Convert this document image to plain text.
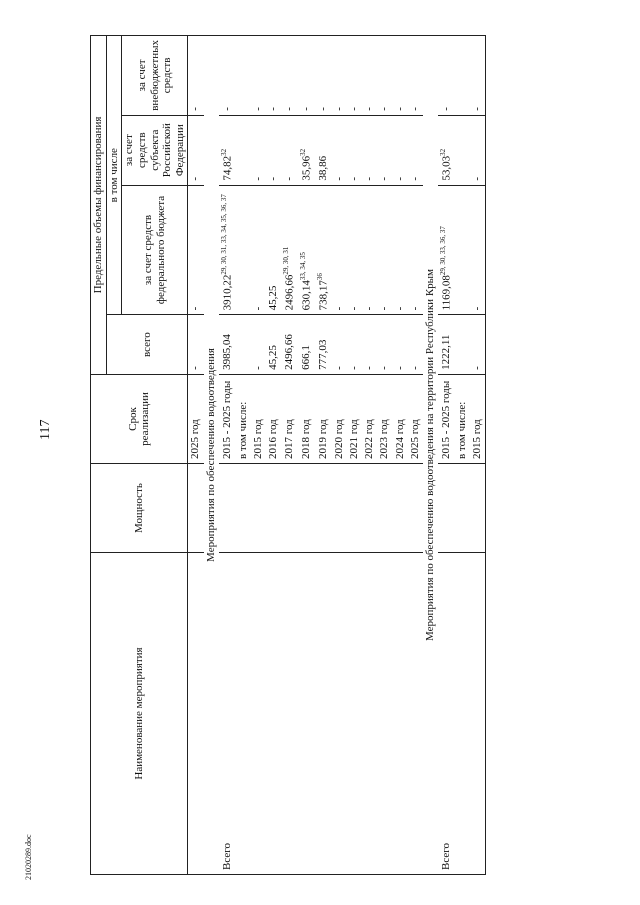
117
21020289.doc
Наименование мероприятия	Мощность	Срок реализации	Предельные объемы финансирования			
			всего	в том числе		
				за счет средств федерального бюджета	за счет средств субъекта Российской Федерации	за счет внебюджетных средств
		2025 год	-	-	-	-
Мероприятия по обеспечению водоотведения						
Всего		2015 - 2025 годы	3985,04	3910,22$^{29, 30, 31, 33, 34, 35, 36, 37}$	74,82$^{32}$	-
		в том числе:				
		2015 год	-	-	-	-
		2016 год	45,25	45,25	-	-
		2017 год	2496,66	2496,66$^{29, 30, 31}$	-	-
		2018 год	666,1	630,14$^{33, 34, 35}$	35,96$^{32}$	-
		2019 год	777,03	738,17$^{36}$	38,86	-
		2020 год	-	-	-	-
		2021 год	-	-	-	-
		2022 год	-	-	-	-
		2023 год	-	-	-	-
		2024 год	-	-	-	-
		2025 год	-	-	-	-
Мероприятия по обеспечению водоотведения на территории Республики Крым						
Всего		2015 - 2025 годы	1222,11	1169,08$^{29, 30, 33, 36, 37}$	53,03$^{32}$	-
		в том числе:				
		2015 год	-	-	-	-
